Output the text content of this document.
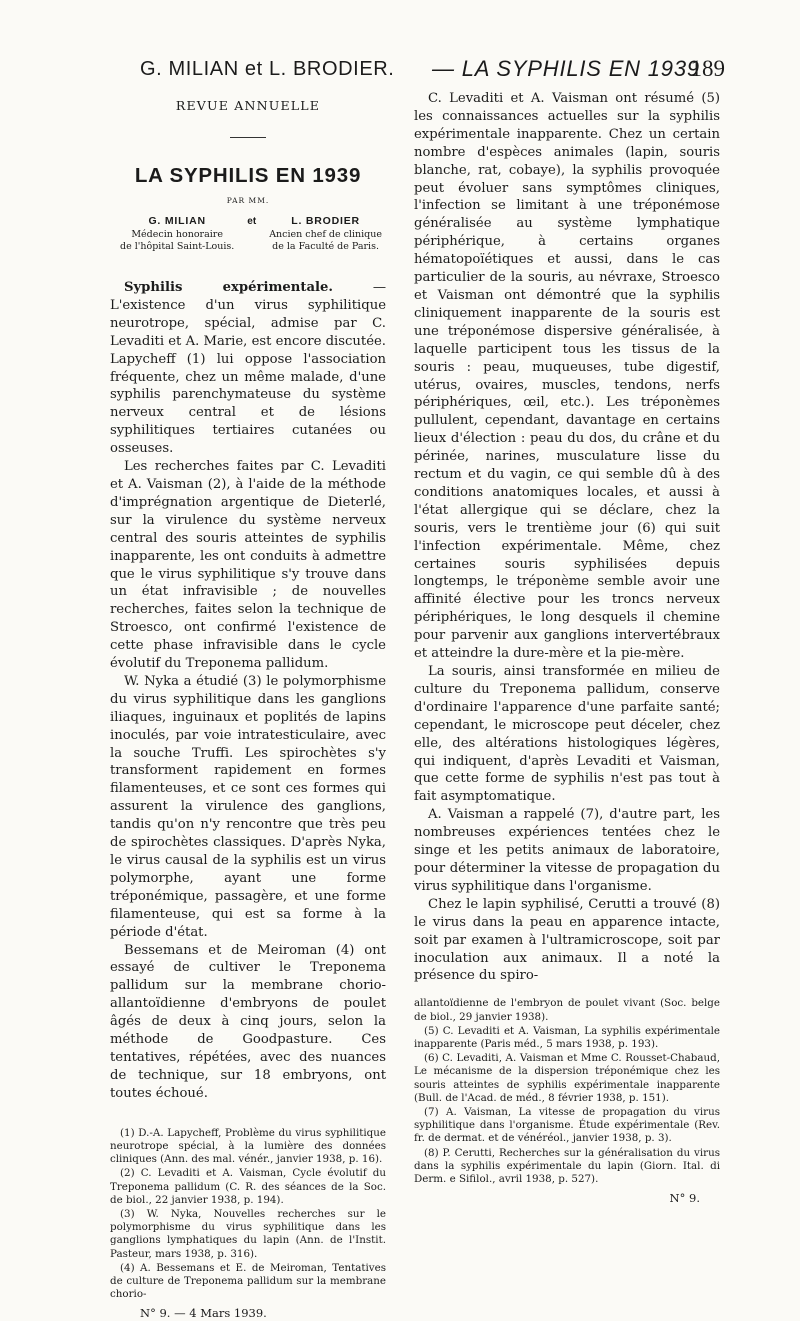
G. MILIAN et L. BRODIER. — LA SYPHILIS EN 1939
189
REVUE ANNUELLE
LA SYPHILIS EN 1939
PAR MM.
G. MILIAN
Médecin honoraire
de l'hôpital Saint-Louis.
et	L. BRODIER
Ancien chef de clinique
de la Faculté de Paris.

Syphilis expérimentale.	— L'existence d'un virus syphilitique neurotrope, spécial, admise par C. Levaditi et A. Marie, est encore discutée. Lapycheff (1) lui oppose l'association fréquente, chez un même malade, d'une syphilis parenchymateuse du système nerveux central et de lésions syphilitiques tertiaires cutanées ou osseuses.

Les recherches faites par C. Levaditi et A. Vaisman (2), à l'aide de la méthode d'imprégnation argentique de Dieterlé, sur la virulence du système nerveux central des souris atteintes de syphilis inapparente, les ont conduits à admettre que le virus syphilitique s'y trouve dans un état infravisible ; de nouvelles recherches, faites selon la technique de Stroesco, ont confirmé l'existence de cette phase infravisible dans le cycle évolutif du Treponema pallidum.

W. Nyka a étudié (3) le polymorphisme du virus syphilitique dans les ganglions iliaques, inguinaux et poplités de lapins inoculés, par voie intratesticulaire, avec la souche Truffi. Les spirochètes s'y transforment rapidement en formes filamenteuses, et ce sont ces formes qui assurent la virulence des ganglions, tandis qu'on n'y rencontre que très peu de spirochètes classiques. D'après Nyka, le virus causal de la syphilis est un virus polymorphe, ayant une forme tréponémique, passagère, et une forme filamenteuse, qui est sa forme à la période d'état.

Bessemans et de Meiroman (4) ont essayé de cultiver le Treponema pallidum sur la membrane chorio-allantoïdienne d'embryons de poulet âgés de deux à cinq jours, selon la méthode de Goodpasture. Ces tentatives, répétées, avec des nuances de technique, sur 18 embryons, ont toutes échoué.

(1) D.-A. Lapycheff, Problème du virus syphilitique neurotrope spécial, à la lumière des données cliniques (Ann. des mal. vénér., janvier 1938, p. 16).

(2) C. Levaditi et A. Vaisman, Cycle évolutif du Treponema pallidum (C. R. des séances de la Soc. de biol., 22 janvier 1938, p. 194).

(3) W. Nyka, Nouvelles recherches sur le polymorphisme du virus syphilitique dans les ganglions lymphatiques du lapin (Ann. de l'Instit. Pasteur, mars 1938, p. 316).

(4) A. Bessemans et E. de Meiroman, Tentatives de culture de Treponema pallidum sur la membrane chorio-

N° 9. — 4 Mars 1939.

C. Levaditi et A. Vaisman ont résumé (5) les connaissances actuelles sur la syphilis expérimentale inapparente. Chez un certain nombre d'espèces animales (lapin, souris blanche, rat, cobaye), la syphilis provoquée peut évoluer sans symptômes cliniques, l'infection se limitant à une tréponémose généralisée au système lymphatique périphérique, à certains organes hématopoïétiques et aussi, dans le cas particulier de la souris, au névraxe, Stroesco et Vaisman ont démontré que la syphilis cliniquement inapparente de la souris est une tréponémose dispersive généralisée, à laquelle participent tous les tissus de la souris : peau, muqueuses, tube digestif, utérus, ovaires, muscles, tendons, nerfs périphériques, œil, etc.). Les tréponèmes pullulent, cependant, davantage en certains lieux d'élection : peau du dos, du crâne et du périnée, narines, musculature lisse du rectum et du vagin, ce qui semble dû à des conditions anatomiques locales, et aussi à l'état allergique qui se déclare, chez la souris, vers le trentième jour (6) qui suit l'infection expérimentale. Même, chez certaines souris syphilisées depuis longtemps, le tréponème semble avoir une affinité élective pour les troncs nerveux périphériques, le long desquels il chemine pour parvenir aux ganglions intervertébraux et atteindre la dure-mère et la pie-mère.

La souris, ainsi transformée en milieu de culture du Treponema pallidum, conserve d'ordinaire l'apparence d'une parfaite santé; cependant, le microscope peut déceler, chez elle, des altérations histologiques légères, qui indiquent, d'après Levaditi et Vaisman, que cette forme de syphilis n'est pas tout à fait asymptomatique.

A. Vaisman a rappelé (7), d'autre part, les nombreuses expériences tentées chez le singe et les petits animaux de laboratoire, pour déterminer la vitesse de propagation du virus syphilitique dans l'organisme.

Chez le lapin syphilisé, Cerutti a trouvé (8) le virus dans la peau en apparence intacte, soit par examen à l'ultramicroscope, soit par inoculation aux animaux. Il a noté la présence du spiro-

allantoïdienne de l'embryon de poulet vivant (Soc. belge de biol., 29 janvier 1938).

(5) C. Levaditi et A. Vaisman, La syphilis expérimentale inapparente (Paris méd., 5 mars 1938, p. 193).

(6) C. Levaditi, A. Vaisman et Mme C. Rousset-Chabaud, Le mécanisme de la dispersion tréponémique chez les souris atteintes de syphilis expérimentale inapparente (Bull. de l'Acad. de méd., 8 février 1938, p. 151).

(7) A. Vaisman, La vitesse de propagation du virus syphilitique dans l'organisme. Étude expérimentale (Rev. fr. de dermat. et de vénéréol., janvier 1938, p. 3).

(8) P. Cerutti, Recherches sur la généralisation du virus dans la syphilis expérimentale du lapin (Giorn. Ital. di Derm. e Sifilol., avril 1938, p. 527).

N° 9.
